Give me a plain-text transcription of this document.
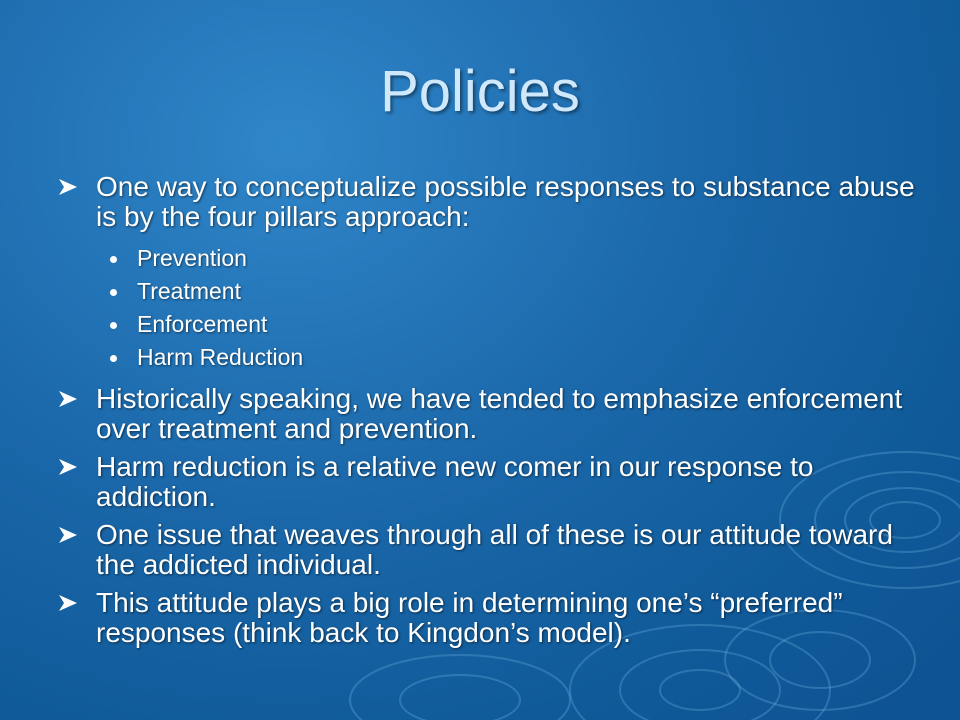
Policies
One way to conceptualize possible responses to substance abuse is by the four pillars approach:
Prevention
Treatment
Enforcement
Harm Reduction
Historically speaking, we have tended to emphasize enforcement over treatment and prevention.
Harm reduction is a relative new comer in our response to addiction.
One issue that weaves through all of these is our attitude toward the addicted individual.
This attitude plays a big role in determining one’s “preferred” responses (think back to Kingdon’s model).
